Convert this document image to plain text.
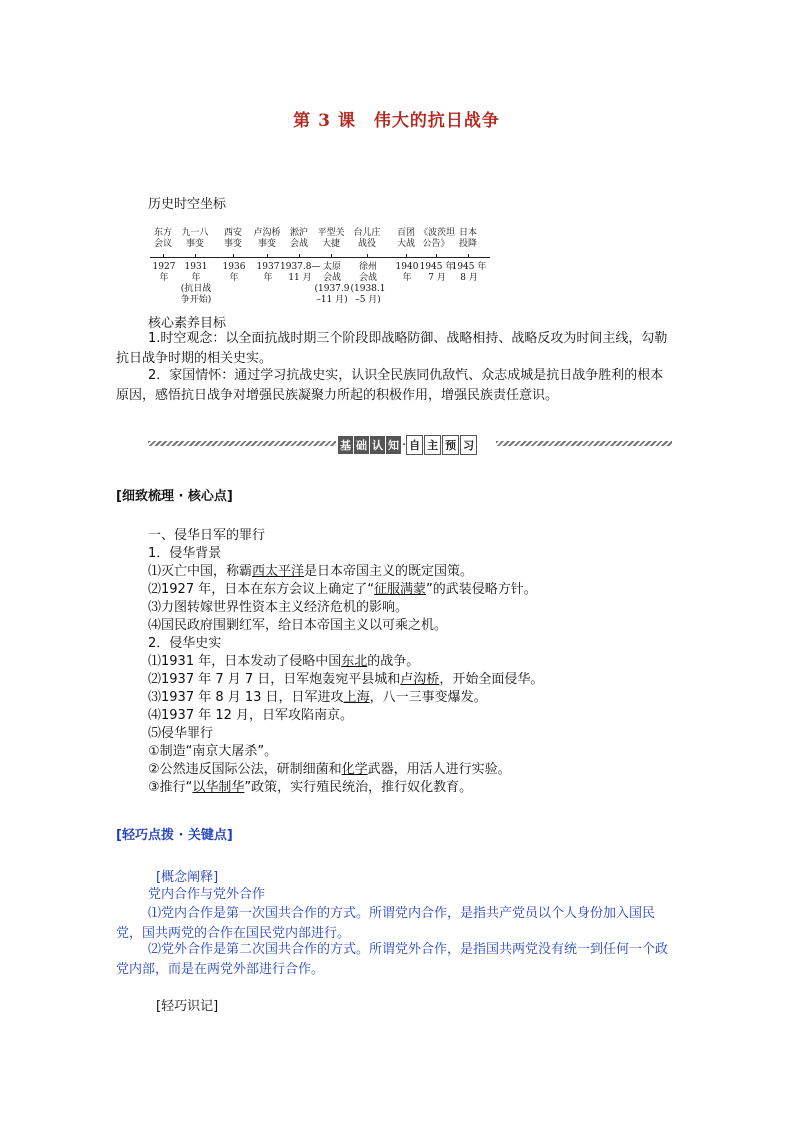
第 3 课　伟大的抗日战争
历史时空坐标
东方
会议
1927
年
九一八
事变
1931
年
(抗日战
争开始)
西安
事变
1936
年
卢沟桥
事变
1937
年
淞沪
会战
1937.8—
11 月
平型关
大捷
太原
会战
(1937.9
–11 月)
台儿庄
战役
徐州
会战
(1938.1
–5 月)
百团
大战
1940
年
《波茨坦
公告》
1945 年
7 月
日本
投降
1945 年
8 月
核心素养目标
1.时空观念：以全面抗战时期三个阶段即战略防御、战略相持、战略反攻为时间主线，勾勒抗日战争时期的相关史实。
2．家国情怀：通过学习抗战史实，认识全民族同仇敌忾、众志成城是抗日战争胜利的根本原因，感悟抗日战争对增强民族凝聚力所起的积极作用，增强民族责任意识。
基 础 认 知 · 自 主 预 习
[细致梳理 · 核心点]
一、侵华日军的罪行
1．侵华背景
⑴灭亡中国，称霸西太平洋是日本帝国主义的既定国策。
⑵1927 年，日本在东方会议上确定了“征服满蒙”的武装侵略方针。
⑶力图转嫁世界性资本主义经济危机的影响。
⑷国民政府围剿红军，给日本帝国主义以可乘之机。
2．侵华史实
⑴1931 年，日本发动了侵略中国东北的战争。
⑵1937 年 7 月 7 日，日军炮轰宛平县城和卢沟桥，开始全面侵华。
⑶1937 年 8 月 13 日，日军进攻上海，八一三事变爆发。
⑷1937 年 12 月，日军攻陷南京。
⑸侵华罪行
①制造“南京大屠杀”。
②公然违反国际公法，研制细菌和化学武器，用活人进行实验。
③推行“以华制华”政策，实行殖民统治，推行奴化教育。
[轻巧点拨 · 关键点]
[概念阐释]
党内合作与党外合作
⑴党内合作是第一次国共合作的方式。所谓党内合作，是指共产党员以个人身份加入国民党，国共两党的合作在国民党内部进行。
⑵党外合作是第二次国共合作的方式。所谓党外合作，是指国共两党没有统一到任何一个政党内部，而是在两党外部进行合作。
[轻巧识记]
